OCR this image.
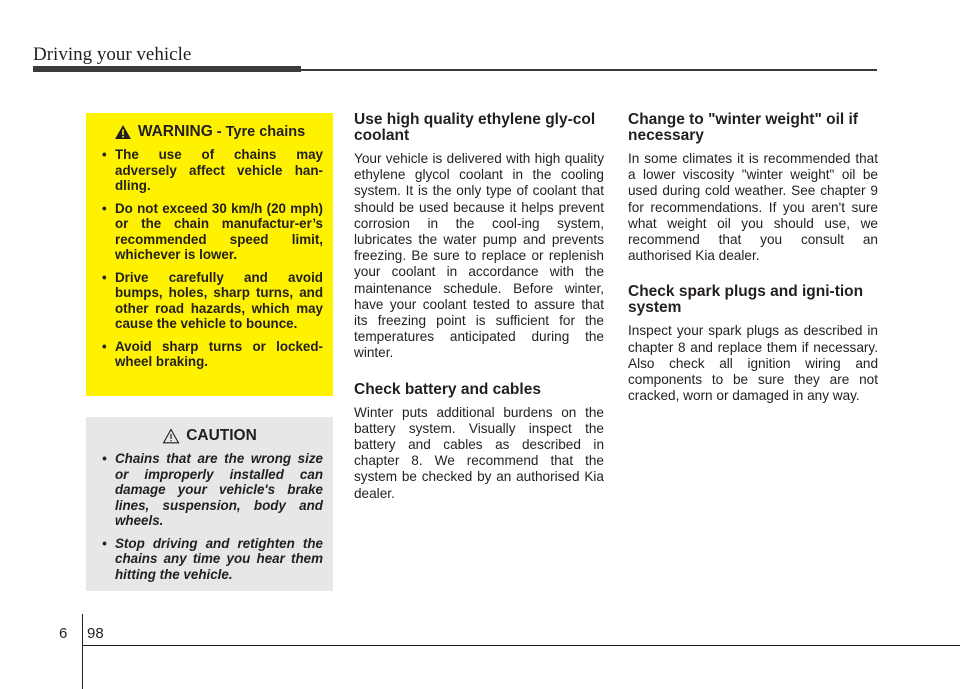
Driving your vehicle
WARNING - Tyre chains
• The use of chains may adversely affect vehicle han-dling.
• Do not exceed 30 km/h (20 mph) or the chain manufactur-er’s recommended speed limit, whichever is lower.
• Drive carefully and avoid bumps, holes, sharp turns, and other road hazards, which may cause the vehicle to bounce.
• Avoid sharp turns or locked-wheel braking.
CAUTION
• Chains that are the wrong size or improperly installed can damage your vehicle's brake lines, suspension, body and wheels.
• Stop driving and retighten the chains any time you hear them hitting the vehicle.
Use high quality ethylene gly-col coolant

Your vehicle is delivered with high quality ethylene glycol coolant in the cooling system. It is the only type of coolant that should be used because it helps prevent corrosion in the cool-ing system, lubricates the water pump and prevents freezing. Be sure to replace or replenish your coolant in accordance with the maintenance schedule. Before winter, have your coolant tested to assure that its freezing point is sufficient for the temperatures anticipated during the winter.

Check battery and cables

Winter puts additional burdens on the battery system. Visually inspect the battery and cables as described in chapter 8. We recommend that the system be checked by an authorised Kia dealer.

Change to "winter weight" oil if necessary

In some climates it is recommended that a lower viscosity "winter weight" oil be used during cold weather. See chapter 9 for recommendations. If you aren't sure what weight oil you should use, we recommend that you consult an authorised Kia dealer.

Check spark plugs and igni-tion system

Inspect your spark plugs as described in chapter 8 and replace them if necessary. Also check all ignition wiring and components to be sure they are not cracked, worn or damaged in any way.

6 98
